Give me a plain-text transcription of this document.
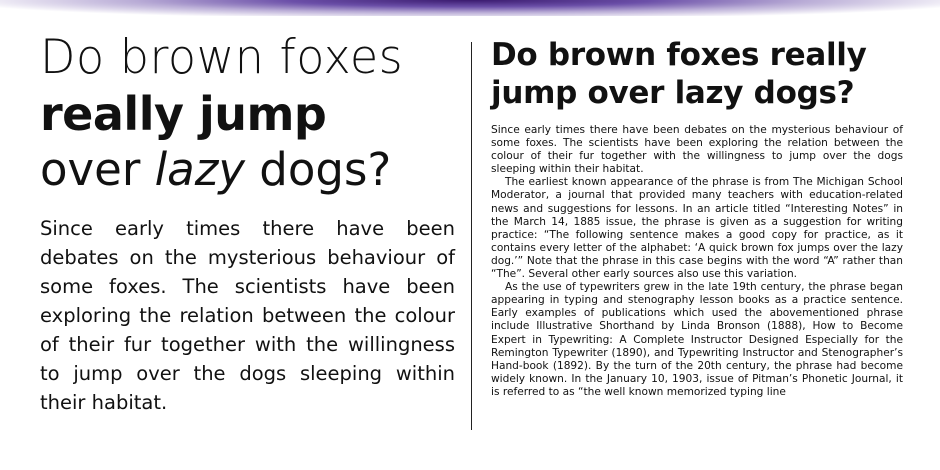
Do brown foxes
really jump
over lazy dogs?

Since early times there have been debates on the mysterious behaviour of some foxes. The scientists have been exploring the relation between the colour of their fur together with the willingness to jump over the dogs sleeping within their habitat.

Do brown foxes really jump over lazy dogs?

Since early times there have been debates on the mysterious behaviour of some foxes. The scientists have been exploring the relation between the colour of their fur together with the willingness to jump over the dogs sleeping within their habitat.

The earliest known appearance of the phrase is from The Michigan School Moderator, a journal that provided many teachers with education-related news and suggestions for lessons. In an article titled “Interesting Notes” in the March 14, 1885 issue, the phrase is given as a suggestion for writing practice: “The following sentence makes a good copy for practice, as it contains every letter of the alphabet: ‘A quick brown fox jumps over the lazy dog.’” Note that the phrase in this case begins with the word “A” rather than “The”. Several other early sources also use this variation.

As the use of typewriters grew in the late 19th century, the phrase began appearing in typing and stenography lesson books as a practice sentence. Early examples of publications which used the abovementioned phrase include Illustrative Shorthand by Linda Bronson (1888), How to Become Expert in Typewriting: A Complete Instructor Designed Especially for the Remington Typewriter (1890), and Typewriting Instructor and Stenographer’s Hand-book (1892). By the turn of the 20th century, the phrase had become widely known. In the January 10, 1903, issue of Pitman’s Phonetic Journal, it is referred to as “the well known memorized typing line
